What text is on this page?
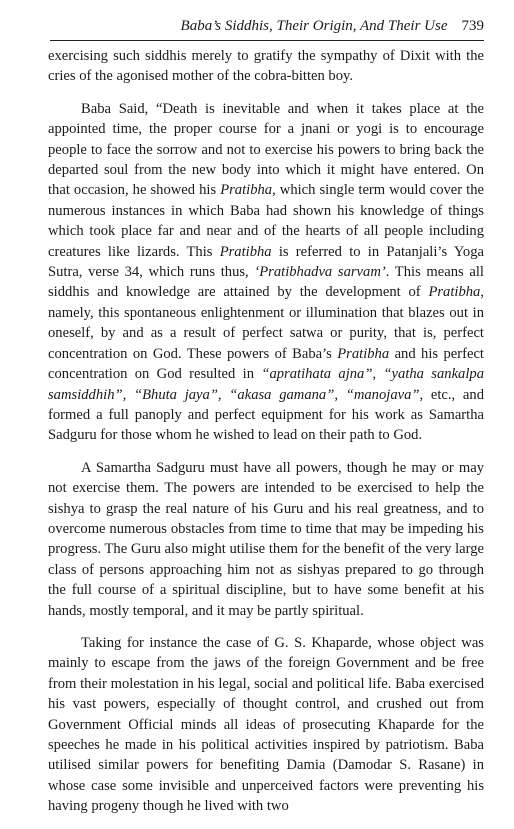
Baba’s Siddhis, Their Origin, And Their Use 739

exercising such siddhis merely to gratify the sympathy of Dixit with the cries of the agonised mother of the cobra-bitten boy.

Baba Said, “Death is inevitable and when it takes place at the appointed time, the proper course for a jnani or yogi is to encourage people to face the sorrow and not to exercise his powers to bring back the departed soul from the new body into which it might have entered. On that occasion, he showed his Pratibha, which single term would cover the numerous instances in which Baba had shown his knowledge of things which took place far and near and of the hearts of all people including creatures like lizards. This Pratibha is referred to in Patanjali’s Yoga Sutra, verse 34, which runs thus, ‘Pratibhadva sarvam’. This means all siddhis and knowledge are attained by the development of Pratibha, namely, this spontaneous enlightenment or illumination that blazes out in oneself, by and as a result of perfect satwa or purity, that is, perfect concentration on God. These powers of Baba’s Pratibha and his perfect concentration on God resulted in “apratihata ajna”, “yatha sankalpa samsiddhih”, “Bhuta jaya”, “akasa gamana”, “manojava”, etc., and formed a full panoply and perfect equipment for his work as Samartha Sadguru for those whom he wished to lead on their path to God.

A Samartha Sadguru must have all powers, though he may or may not exercise them. The powers are intended to be exercised to help the sishya to grasp the real nature of his Guru and his real greatness, and to overcome numerous obstacles from time to time that may be impeding his progress. The Guru also might utilise them for the benefit of the very large class of persons approaching him not as sishyas prepared to go through the full course of a spiritual discipline, but to have some benefit at his hands, mostly temporal, and it may be partly spiritual.

Taking for instance the case of G. S. Khaparde, whose object was mainly to escape from the jaws of the foreign Government and be free from their molestation in his legal, social and political life. Baba exercised his vast powers, especially of thought control, and crushed out from Government Official minds all ideas of prosecuting Khaparde for the speeches he made in his political activities inspired by patriotism. Baba utilised similar powers for benefiting Damia (Damodar S. Rasane) in whose case some invisible and unperceived factors were preventing his having progeny though he lived with two
